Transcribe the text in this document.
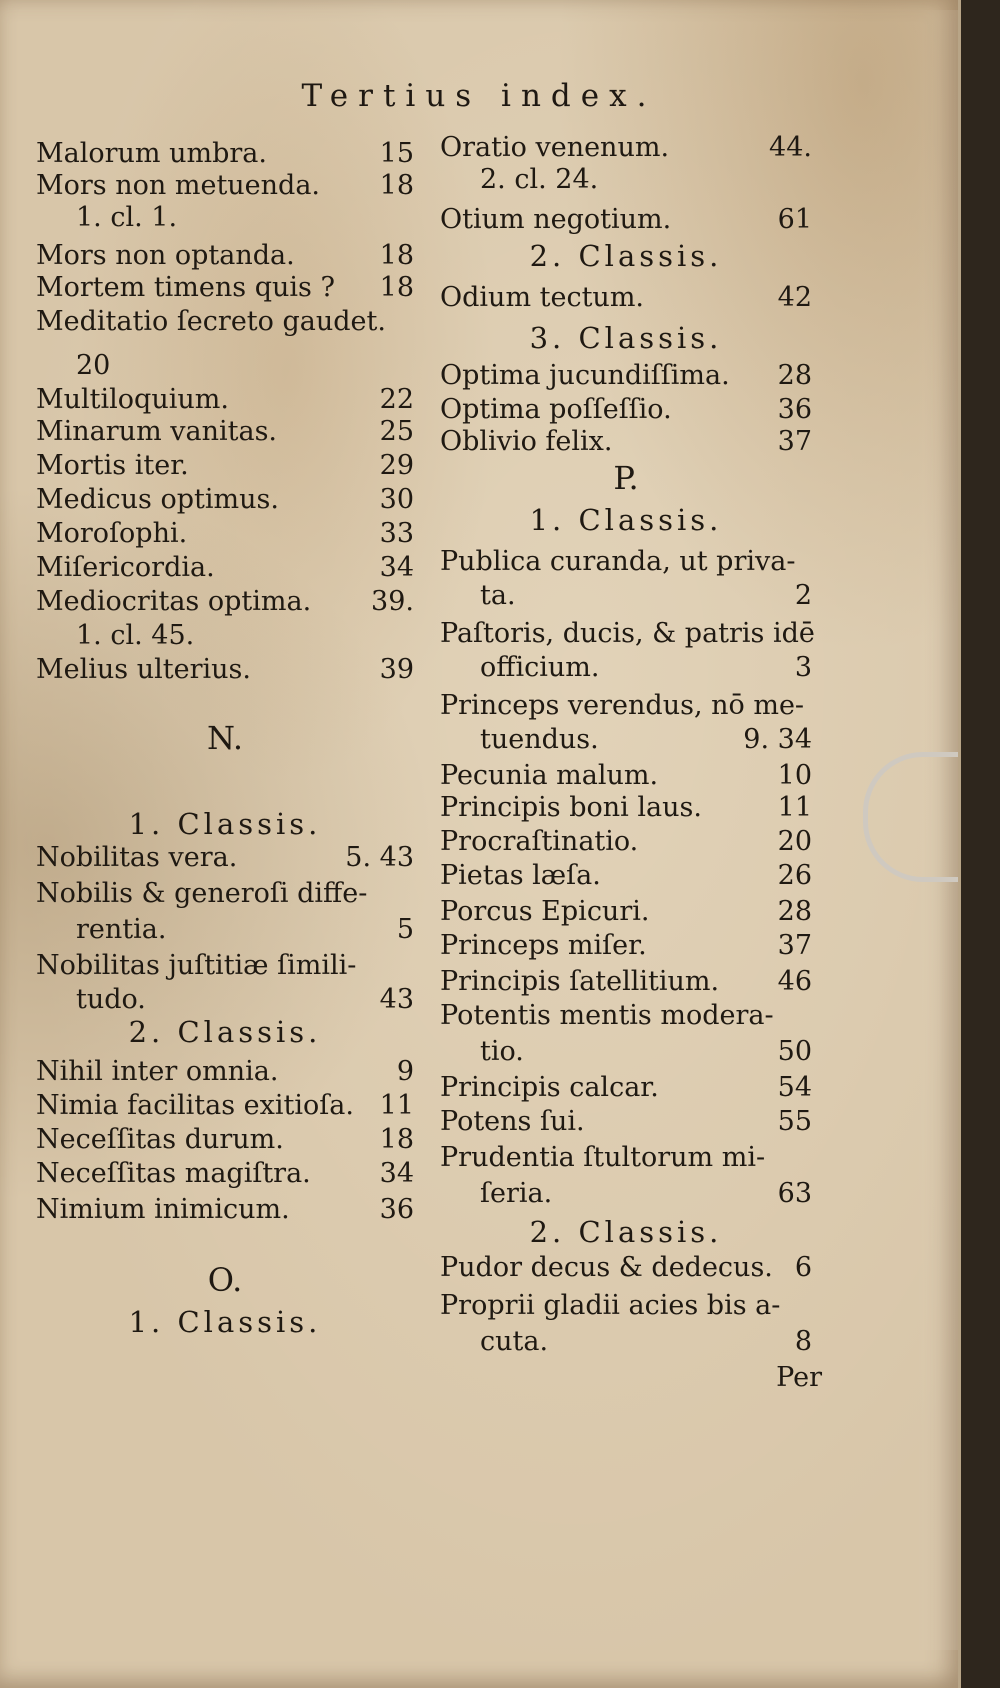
Tertius index.
Malorum umbra.	15
Mors non metuenda. 18
1. cl. 1.
Mors non optanda.	18
Mortem timens quis ? 18
Meditatio ſecreto gaudet.
20
Multiloquium.	22
Minarum vanitas.	25
Mortis iter.	29
Medicus optimus.	30
Moroſophi.	33
Miſericordia.	34
Mediocritas optima. 39.
1. cl. 45.
Melius ulterius.	39
N.
1. Classis.
Nobilitas vera.	5. 43
Nobilis & generoſi diffe-
rentia.	5
Nobilitas juſtitiæ ſimili-
tudo.	43
2. Classis.
Nihil inter omnia.	9
Nimia facilitas exitioſa. 11
Neceſſitas durum.	18
Neceſſitas magiſtra.	34
Nimium inimicum.	36
O.
1. Classis.
Oratio venenum.	44.
2. cl. 24.
Otium negotium.	61
2. Classis.
Odium tectum.	42
3. Classis.
Optima jucundiſſima. 28
Optima poſſeſſio.	36
Oblivio felix.	37
P.
1. Classis.
Publica curanda, ut priva-
ta.	2
Paſtoris, ducis, & patris idē
officium.	3
Princeps verendus, nō me-
tuendus.	9. 34
Pecunia malum.	10
Principis boni laus.	11
Procraſtinatio.	20
Pietas læſa.	26
Porcus Epicuri.	28
Princeps miſer.	37
Principis ſatellitium. 46
Potentis mentis modera-
tio.	50
Principis calcar.	54
Potens ſui.	55
Prudentia ſtultorum mi-
ſeria.	63
2. Classis.
Pudor decus & dedecus. 6
Proprii gladii acies bis a-
cuta.	8
Per
